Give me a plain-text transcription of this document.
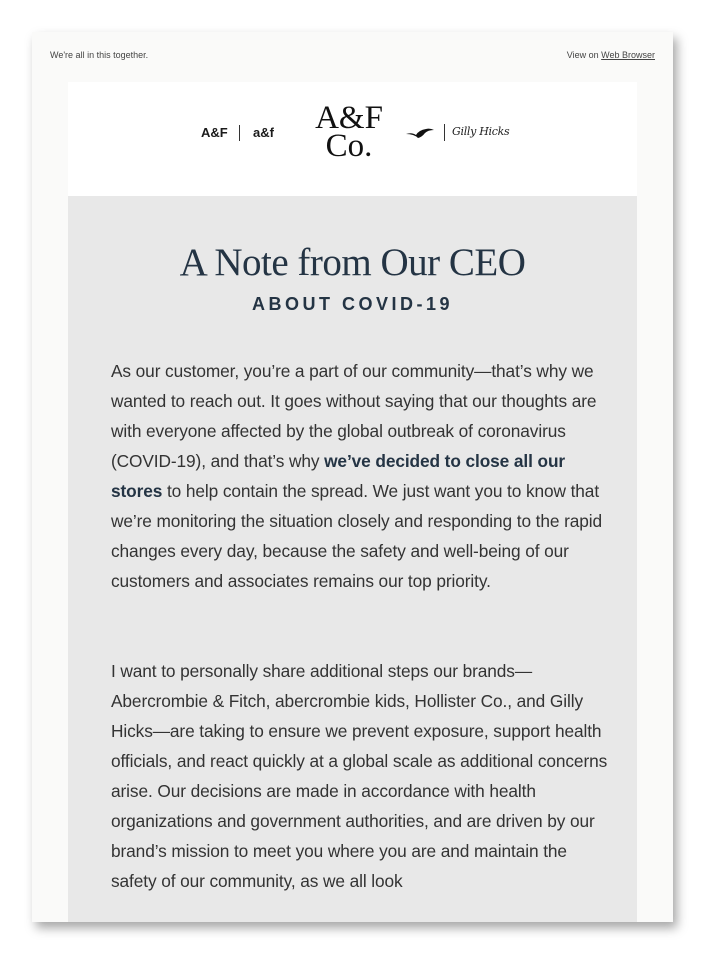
We're all in this together.	View on Web Browser
A&F a&f	A&F
Co.	Gilly Hicks
A Note from Our CEO
ABOUT COVID-19
As our customer, you’re a part of our community—that’s why we wanted to reach out. It goes without saying that our thoughts are with everyone affected by the global outbreak of coronavirus (COVID-19), and that’s why we’ve decided to close all our stores to help contain the spread. We just want you to know that we’re monitoring the situation closely and responding to the rapid changes every day, because the safety and well-being of our customers and associates remains our top priority.
I want to personally share additional steps our brands—Abercrombie & Fitch, abercrombie kids, Hollister Co., and Gilly Hicks—are taking to ensure we prevent exposure, support health officials, and react quickly at a global scale as additional concerns arise. Our decisions are made in accordance with health organizations and government authorities, and are driven by our brand’s mission to meet you where you are and maintain the safety of our community, as we all look
